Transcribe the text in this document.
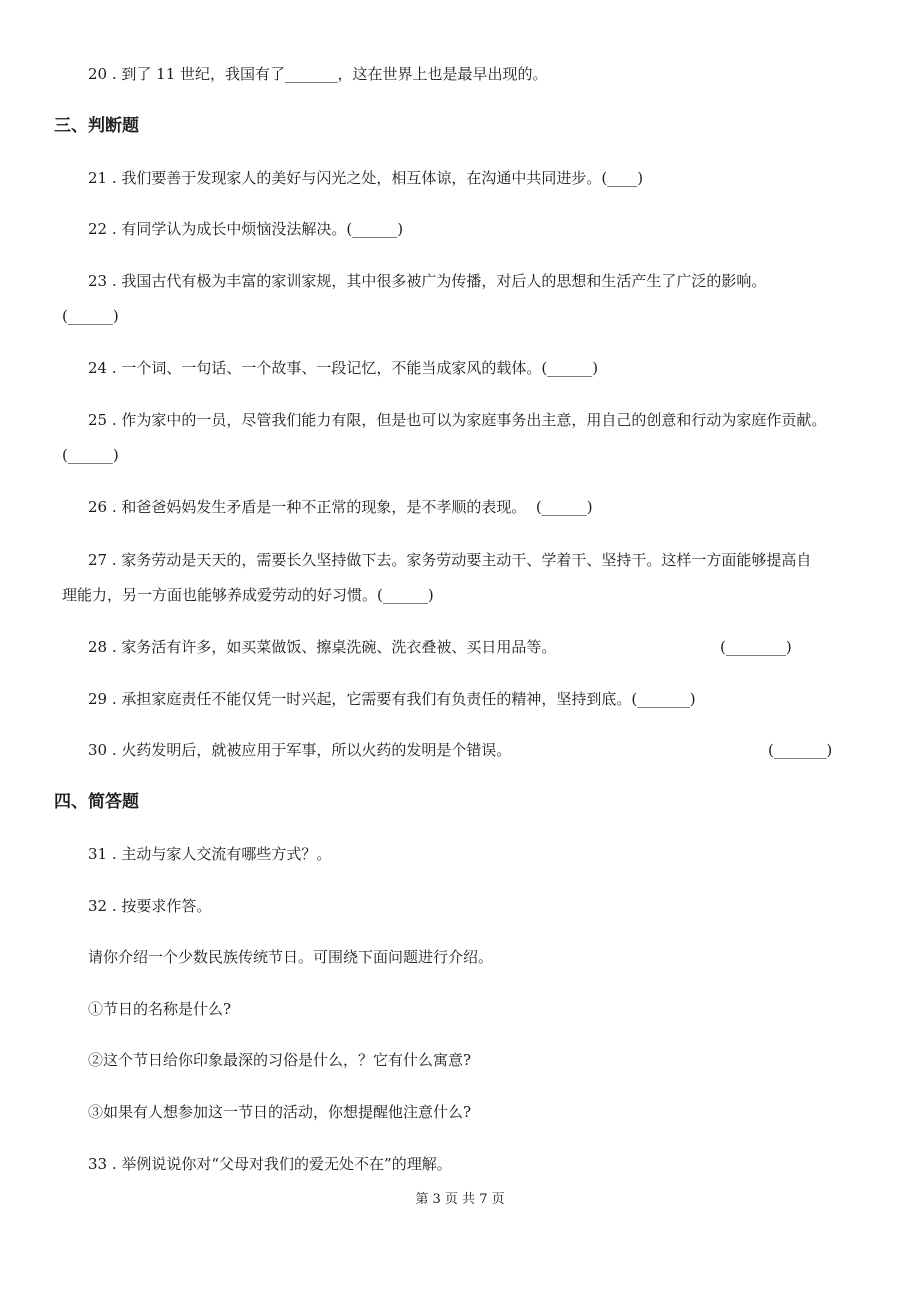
20 . 到了 11 世纪，我国有了_______，这在世界上也是最早出现的。
三、判断题
21 . 我们要善于发现家人的美好与闪光之处，相互体谅，在沟通中共同进步。(____)
22 . 有同学认为成长中烦恼没法解决。(______)
23 . 我国古代有极为丰富的家训家规，其中很多被广为传播，对后人的思想和生活产生了广泛的影响。
(______)
24 . 一个词、一句话、一个故事、一段记忆，不能当成家风的载体。(______)
25 . 作为家中的一员，尽管我们能力有限，但是也可以为家庭事务出主意，用自己的创意和行动为家庭作贡献。
(______)
26 . 和爸爸妈妈发生矛盾是一种不正常的现象，是不孝顺的表现。  (______)
27 . 家务劳动是天天的，需要长久坚持做下去。家务劳动要主动干、学着干、坚持干。这样一方面能够提高自
理能力，另一方面也能够养成爱劳动的好习惯。(______)
28 . 家务活有许多，如买菜做饭、擦桌洗碗、洗衣叠被、买日用品等。	(________)
29 . 承担家庭责任不能仅凭一时兴起，它需要有我们有负责任的精神，坚持到底。(_______)
30 . 火药发明后，就被应用于军事，所以火药的发明是个错误。	(_______)
四、简答题
31 . 主动与家人交流有哪些方式？。
32 . 按要求作答。
请你介绍一个少数民族传统节日。可围绕下面问题进行介绍。
①节日的名称是什么?
②这个节日给你印象最深的习俗是什么，？它有什么寓意?
③如果有人想参加这一节日的活动，你想提醒他注意什么?
33 . 举例说说你对“父母对我们的爱无处不在”的理解。
第 3 页 共 7 页
